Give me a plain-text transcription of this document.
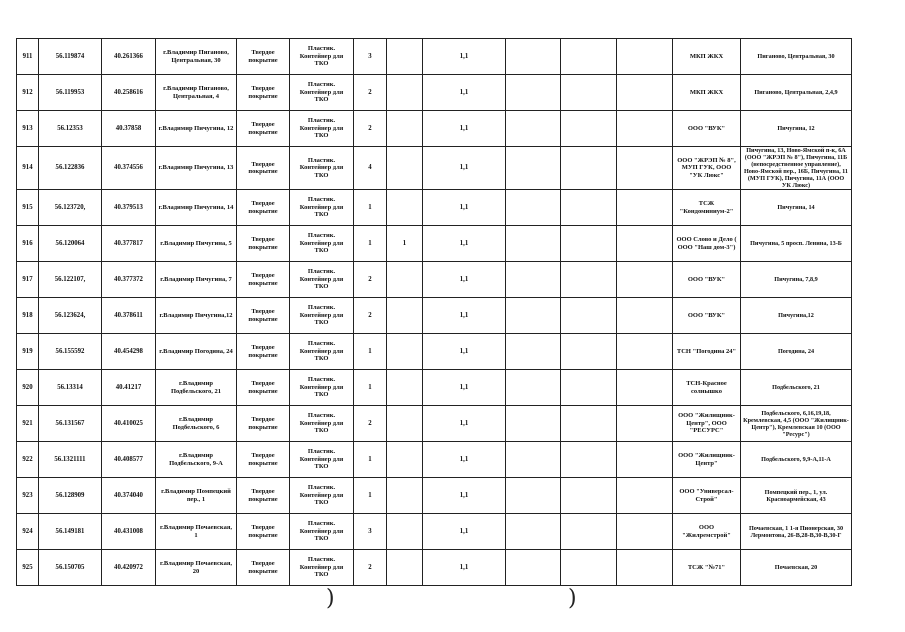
911	56.119874	40.261366	г.Владимир Пиганово, Центральная, 30	Твердое покрытие	Пластик. Контейнер для ТКО	3		1,1				МКП ЖКХ	Пиганово, Центральная, 30
912	56.119953	40.258616	г.Владимир Пиганово, Центральная, 4	Твердое покрытие	Пластик. Контейнер для ТКО	2		1,1				МКП ЖКХ	Пиганово, Центральная, 2,4,9
913	56.12353	40.37858	г.Владимир Пичугина, 12	Твердое покрытие	Пластик. Контейнер для ТКО	2		1,1				ООО "ВУК"	Пичугина, 12
914	56.122836	40.374556	г.Владимир Пичугина, 13	Твердое покрытие	Пластик. Контейнер для ТКО	4		1,1				ООО "ЖРЭП № 8", МУП ГУК, ООО "УК Люкс"	Пичугина, 13, Ново-Ямской п-к, 6А (ООО "ЖРЭП № 8"), Пичугина, 11Б (непосредственное управление), Ново-Ямской пер., 16Б, Пичугина, 11 (МУП ГУК), Пичугина, 11А (ООО УК Люкс)
915	56.123720,	40.379513	г.Владимир Пичугина, 14	Твердое покрытие	Пластик. Контейнер для ТКО	1		1,1				ТСЖ "Кондоминиум-2"	Пичугина, 14
916	56.120064	40.377817	г.Владимир Пичугина, 5	Твердое покрытие	Пластик. Контейнер для ТКО	1	1	1,1				ООО Слово и Дело ( ООО "Наш дом-3")	Пичугина, 5 просп. Ленина, 13-Б
917	56.122107,	40.377372	г.Владимир Пичугина, 7	Твердое покрытие	Пластик. Контейнер для ТКО	2		1,1				ООО "ВУК"	Пичугина, 7,8,9
918	56.123624,	40.378611	г.Владимир Пичугина,12	Твердое покрытие	Пластик. Контейнер для ТКО	2		1,1				ООО "ВУК"	Пичугина,12
919	56.155592	40.454298	г.Владимир Погодина, 24	Твердое покрытие	Пластик. Контейнер для ТКО	1		1,1				ТСН "Погодина 24"	Погодина, 24
920	56.13314	40.41217	г.Владимир Подбельского, 21	Твердое покрытие	Пластик. Контейнер для ТКО	1		1,1				ТСН-Красное солнышко	Подбельского, 21
921	56.131567	40.410025	г.Владимир Подбельского, 6	Твердое покрытие	Пластик. Контейнер для ТКО	2		1,1				ООО "Жилищник-Центр", ООО "РЕСУРС"	Подбельского, 6,16,19,18, Кремлевская, 4,5 (ООО "Жилищник-Центр"), Кремлевская 10 (ООО "Ресурс")
922	56.1321111	40.408577	г.Владимир Подбельского, 9-А	Твердое покрытие	Пластик. Контейнер для ТКО	1		1,1				ООО "Жилищник-Центр"	Подбельского, 9,9-А,11-А
923	56.128909	40.374040	г.Владимир Помпецкий пер., 1	Твердое покрытие	Пластик. Контейнер для ТКО	1		1,1				ООО "Универсал-Строй"	Помпецкий пер., 1, ул. Красноармейская, 43
924	56.149181	40.431008	г.Владимир Почаевская, 1	Твердое покрытие	Пластик. Контейнер для ТКО	3		1,1				ООО "Жилремстрой"	Почаевская, 1 1-я Пионерская, 30 Лермонтова, 26-В,28-В,30-В,30-Г
925	56.150705	40.420972	г.Владимир Почаевская, 20	Твердое покрытие	Пластик. Контейнер для ТКО	2		1,1				ТСЖ "№71"	Почаевская, 20
)	)
